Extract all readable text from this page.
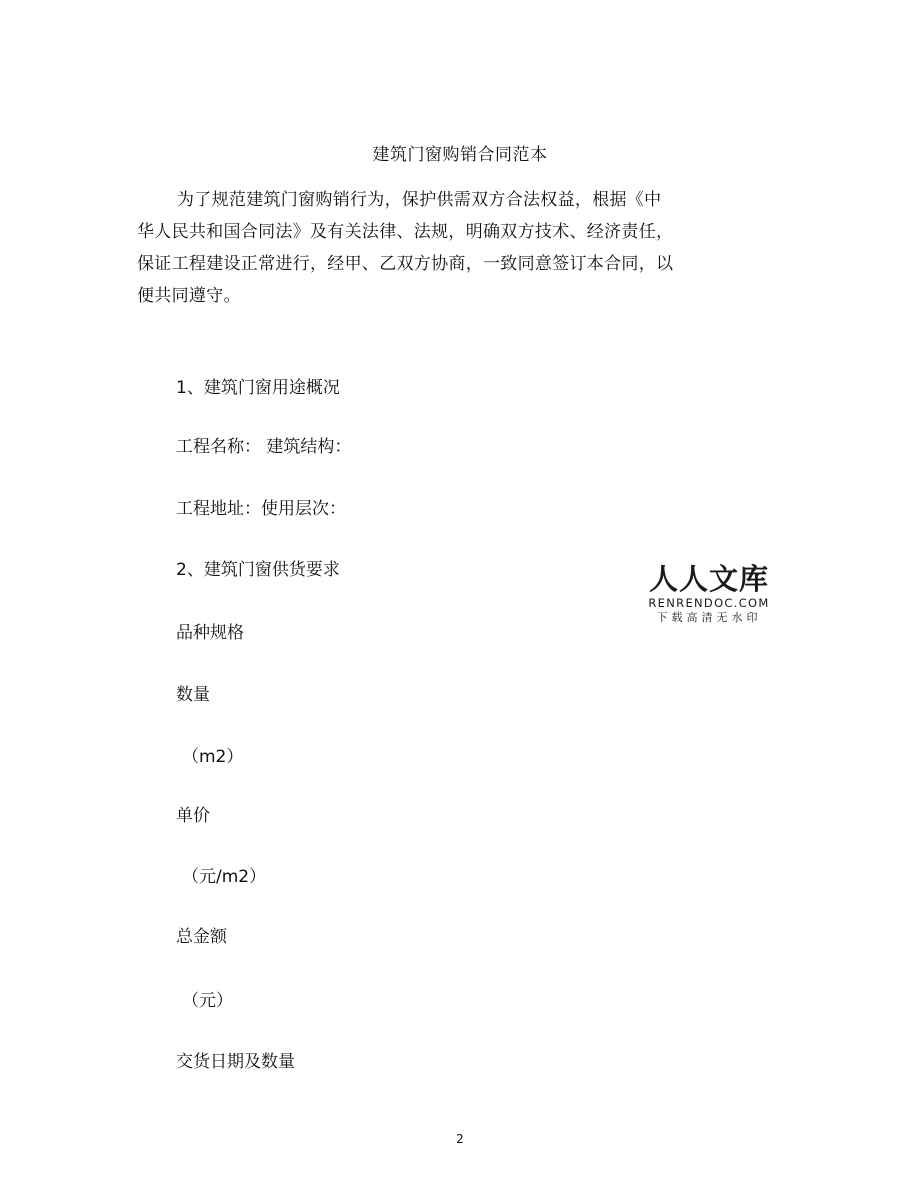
建筑门窗购销合同范本

为了规范建筑门窗购销行为，保护供需双方合法权益，根据《中华人民共和国合同法》及有关法律、法规，明确双方技术、经济责任，保证工程建设正常进行，经甲、乙双方协商，一致同意签订本合同，以便共同遵守。

1、建筑门窗用途概况
工程名称： 建筑结构：
工程地址：使用层次：
2、建筑门窗供货要求
品种规格
数量
（m2）
单价
（元/m2）
总金额
（元）
交货日期及数量
人人文库
RENRENDOC.COM
下载高清无水印
2
